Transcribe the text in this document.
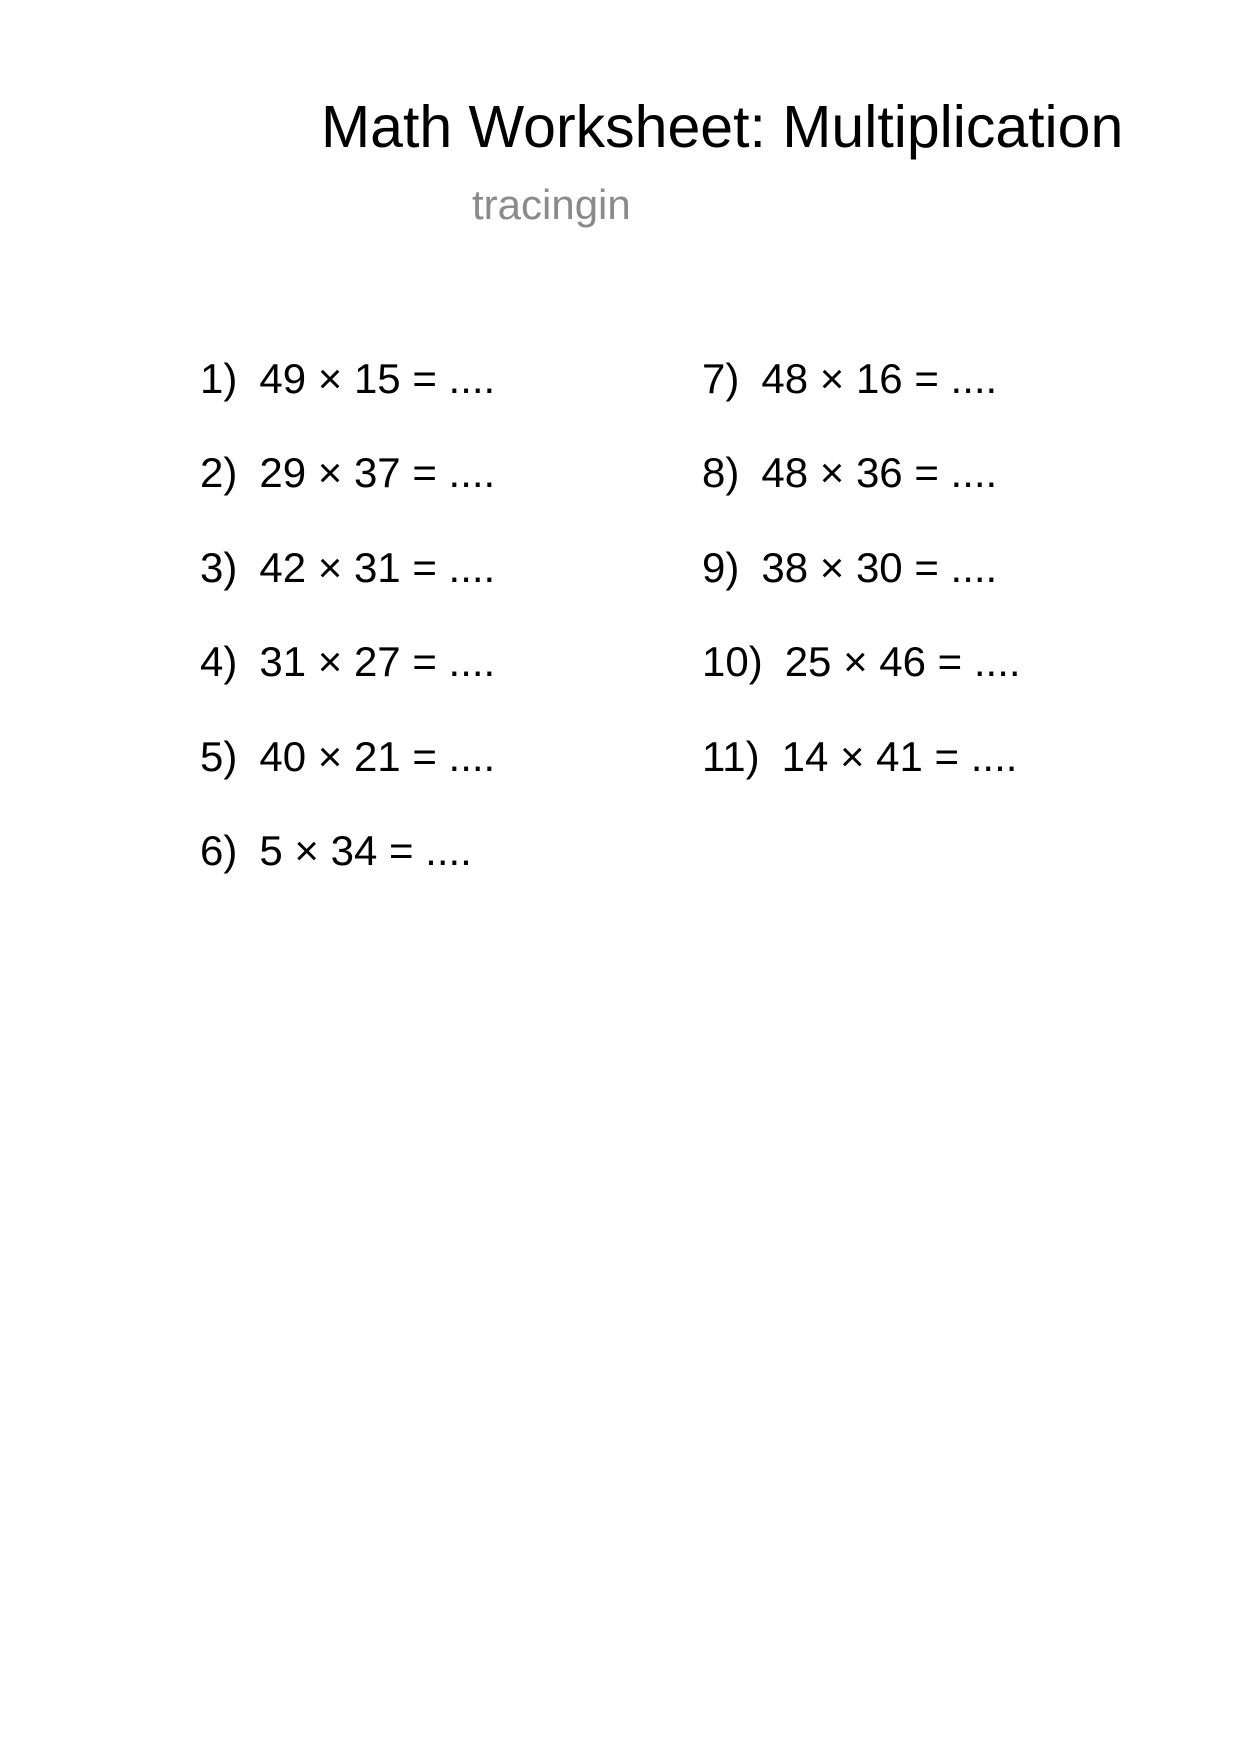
Math Worksheet: Multiplication
tracingin
1) 49 × 15 = ....
2) 29 × 37 = ....
3) 42 × 31 = ....
4) 31 × 27 = ....
5) 40 × 21 = ....
6) 5 × 34 = ....
7) 48 × 16 = ....
8) 48 × 36 = ....
9) 38 × 30 = ....
10) 25 × 46 = ....
11) 14 × 41 = ....
